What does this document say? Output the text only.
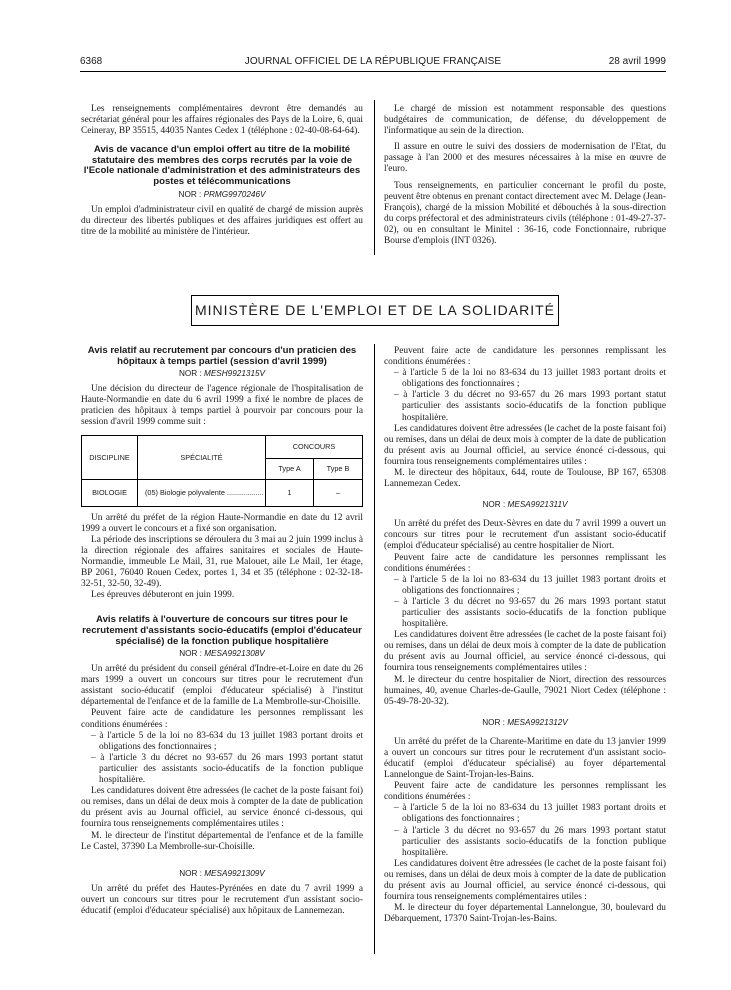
6368	JOURNAL OFFICIEL DE LA RÉPUBLIQUE FRANÇAISE	28 avril 1999

Les renseignements complémentaires devront être demandés au secrétariat général pour les affaires régionales des Pays de la Loire, 6, quai Ceineray, BP 35515, 44035 Nantes Cedex 1 (téléphone : 02-40-08-64-64).

Avis de vacance d'un emploi offert au titre de la mobilité statutaire des membres des corps recrutés par la voie de l'Ecole nationale d'administration et des administrateurs des postes et télécommunications
NOR : PRMG9970246V

Un emploi d'administrateur civil en qualité de chargé de mission auprès du directeur des libertés publiques et des affaires juridiques est offert au titre de la mobilité au ministère de l'intérieur.

Le chargé de mission est notamment responsable des questions budgétaires de communication, de défense, du développement de l'informatique au sein de la direction.

Il assure en outre le suivi des dossiers de modernisation de l'Etat, du passage à l'an 2000 et des mesures nécessaires à la mise en œuvre de l'euro.

Tous renseignements, en particulier concernant le profil du poste, peuvent être obtenus en prenant contact directement avec M. Delage (Jean-François), chargé de la mission Mobilité et débouchés à la sous-direction du corps préfectoral et des administrateurs civils (téléphone : 01-49-27-37-02), ou en consultant le Minitel : 36-16, code Fonctionnaire, rubrique Bourse d'emplois (INT 0326).

MINISTÈRE DE L'EMPLOI ET DE LA SOLIDARITÉ
Avis relatif au recrutement par concours d'un praticien des hôpitaux à temps partiel (session d'avril 1999)
NOR : MESH9921315V

Une décision du directeur de l'agence régionale de l'hospitalisation de Haute-Normandie en date du 6 avril 1999 a fixé le nombre de places de praticien des hôpitaux à temps partiel à pourvoir par concours pour la session d'avril 1999 comme suit :

DISCIPLINE	SPÉCIALITÉ	CONCOURS	
		Type A	Type B
BIOLOGIE	(05) Biologie polyvalente ..................	1	–

Un arrêté du préfet de la région Haute-Normandie en date du 12 avril 1999 a ouvert le concours et a fixé son organisation.

La période des inscriptions se déroulera du 3 mai au 2 juin 1999 inclus à la direction régionale des affaires sanitaires et sociales de Haute-Normandie, immeuble Le Mail, 31, rue Malouet, aile Le Mail, 1er étage, BP 2061, 76040 Rouen Cedex, portes 1, 34 et 35 (téléphone : 02-32-18-32-51, 32-50, 32-49).

Les épreuves débuteront en juin 1999.

Avis relatifs à l'ouverture de concours sur titres pour le recrutement d'assistants socio-éducatifs (emploi d'éducateur spécialisé) de la fonction publique hospitalière
NOR : MESA9921308V

Un arrêté du président du conseil général d'Indre-et-Loire en date du 26 mars 1999 a ouvert un concours sur titres pour le recrutement d'un assistant socio-éducatif (emploi d'éducateur spécialisé) à l'institut départemental de l'enfance et de la famille de La Membrolle-sur-Choisille.

Peuvent faire acte de candidature les personnes remplissant les conditions énumérées :

– à l'article 5 de la loi no 83-634 du 13 juillet 1983 portant droits et obligations des fonctionnaires ;

– à l'article 3 du décret no 93-657 du 26 mars 1993 portant statut particulier des assistants socio-éducatifs de la fonction publique hospitalière.

Les candidatures doivent être adressées (le cachet de la poste faisant foi) ou remises, dans un délai de deux mois à compter de la date de publication du présent avis au Journal officiel, au service énoncé ci-dessous, qui fournira tous renseignements complémentaires utiles :

M. le directeur de l'institut départemental de l'enfance et de la famille Le Castel, 37390 La Membrolle-sur-Choisille.

NOR : MESA9921309V

Un arrêté du préfet des Hautes-Pyrénées en date du 7 avril 1999 a ouvert un concours sur titres pour le recrutement d'un assistant socio-éducatif (emploi d'éducateur spécialisé) aux hôpitaux de Lannemezan.

Peuvent faire acte de candidature les personnes remplissant les conditions énumérées :

– à l'article 5 de la loi no 83-634 du 13 juillet 1983 portant droits et obligations des fonctionnaires ;

– à l'article 3 du décret no 93-657 du 26 mars 1993 portant statut particulier des assistants socio-éducatifs de la fonction publique hospitalière.

Les candidatures doivent être adressées (le cachet de la poste faisant foi) ou remises, dans un délai de deux mois à compter de la date de publication du présent avis au Journal officiel, au service énoncé ci-dessous, qui fournira tous renseignements complémentaires utiles :

M. le directeur des hôpitaux, 644, route de Toulouse, BP 167, 65308 Lannemezan Cedex.

NOR : MESA9921311V

Un arrêté du préfet des Deux-Sèvres en date du 7 avril 1999 a ouvert un concours sur titres pour le recrutement d'un assistant socio-éducatif (emploi d'éducateur spécialisé) au centre hospitalier de Niort.

Peuvent faire acte de candidature les personnes remplissant les conditions énumérées :

– à l'article 5 de la loi no 83-634 du 13 juillet 1983 portant droits et obligations des fonctionnaires ;

– à l'article 3 du décret no 93-657 du 26 mars 1993 portant statut particulier des assistants socio-éducatifs de la fonction publique hospitalière.

Les candidatures doivent être adressées (le cachet de la poste faisant foi) ou remises, dans un délai de deux mois à compter de la date de publication du présent avis au Journal officiel, au service énoncé ci-dessous, qui fournira tous renseignements complémentaires utiles :

M. le directeur du centre hospitalier de Niort, direction des ressources humaines, 40, avenue Charles-de-Gaulle, 79021 Niort Cedex (téléphone : 05-49-78-20-32).

NOR : MESA9921312V

Un arrêté du préfet de la Charente-Maritime en date du 13 janvier 1999 a ouvert un concours sur titres pour le recrutement d'un assistant socio-éducatif (emploi d'éducateur spécialisé) au foyer départemental Lannelongue de Saint-Trojan-les-Bains.

Peuvent faire acte de candidature les personnes remplissant les conditions énumérées :

– à l'article 5 de la loi no 83-634 du 13 juillet 1983 portant droits et obligations des fonctionnaires ;

– à l'article 3 du décret no 93-657 du 26 mars 1993 portant statut particulier des assistants socio-éducatifs de la fonction publique hospitalière.

Les candidatures doivent être adressées (le cachet de la poste faisant foi) ou remises, dans un délai de deux mois à compter de la date de publication du présent avis au Journal officiel, au service énoncé ci-dessous, qui fournira tous renseignements complémentaires utiles :

M. le directeur du foyer départemental Lannelongue, 30, boulevard du Débarquement, 17370 Saint-Trojan-les-Bains.
